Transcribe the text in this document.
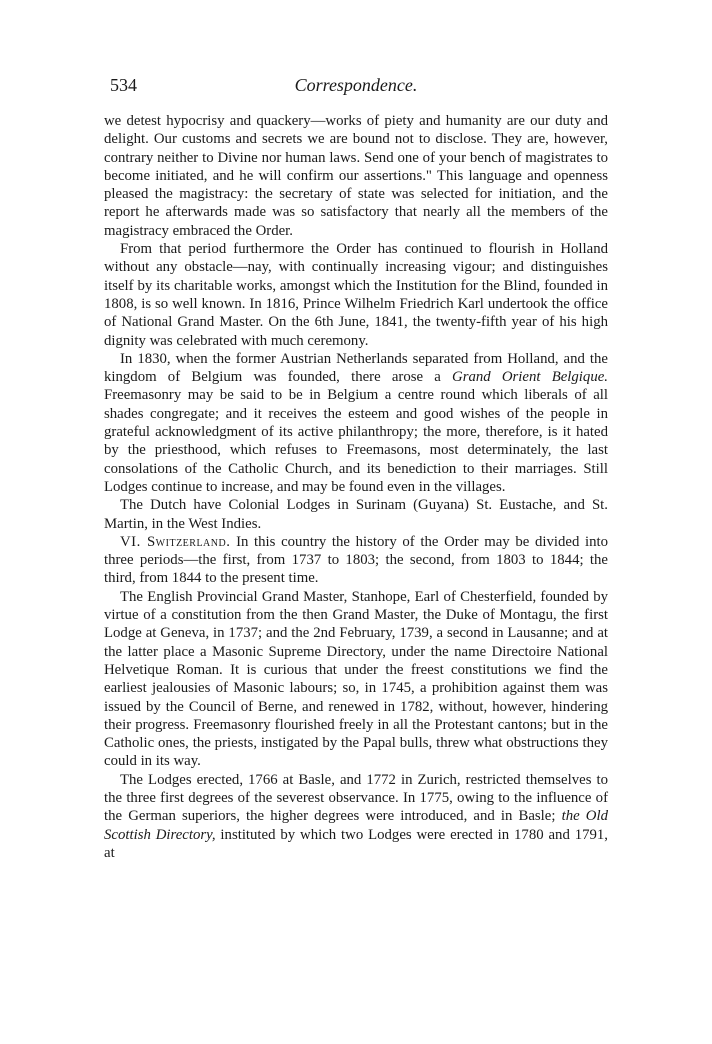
534	Correspondence.

we detest hypocrisy and quackery—works of piety and humanity are our duty and delight. Our customs and secrets we are bound not to disclose. They are, however, contrary neither to Divine nor human laws. Send one of your bench of magistrates to become initiated, and he will confirm our assertions." This language and openness pleased the magistracy: the secretary of state was selected for initiation, and the report he afterwards made was so satisfactory that nearly all the members of the magistracy embraced the Order.

From that period furthermore the Order has continued to flourish in Holland without any obstacle—nay, with continually increasing vigour; and distinguishes itself by its charitable works, amongst which the Institution for the Blind, founded in 1808, is so well known. In 1816, Prince Wilhelm Friedrich Karl undertook the office of National Grand Master. On the 6th June, 1841, the twenty-fifth year of his high dignity was celebrated with much ceremony.

In 1830, when the former Austrian Netherlands separated from Holland, and the kingdom of Belgium was founded, there arose a Grand Orient Belgique. Freemasonry may be said to be in Belgium a centre round which liberals of all shades congregate; and it receives the esteem and good wishes of the people in grateful acknowledgment of its active philanthropy; the more, therefore, is it hated by the priesthood, which refuses to Freemasons, most determinately, the last consolations of the Catholic Church, and its benediction to their marriages. Still Lodges continue to increase, and may be found even in the villages.

The Dutch have Colonial Lodges in Surinam (Guyana) St. Eustache, and St. Martin, in the West Indies.

VI. Switzerland. In this country the history of the Order may be divided into three periods—the first, from 1737 to 1803; the second, from 1803 to 1844; the third, from 1844 to the present time.

The English Provincial Grand Master, Stanhope, Earl of Chesterfield, founded by virtue of a constitution from the then Grand Master, the Duke of Montagu, the first Lodge at Geneva, in 1737; and the 2nd February, 1739, a second in Lausanne; and at the latter place a Masonic Supreme Directory, under the name Directoire National Helvetique Roman. It is curious that under the freest constitutions we find the earliest jealousies of Masonic labours; so, in 1745, a prohibition against them was issued by the Council of Berne, and renewed in 1782, without, however, hindering their progress. Freemasonry flourished freely in all the Protestant cantons; but in the Catholic ones, the priests, instigated by the Papal bulls, threw what obstructions they could in its way.

The Lodges erected, 1766 at Basle, and 1772 in Zurich, restricted themselves to the three first degrees of the severest observance. In 1775, owing to the influence of the German superiors, the higher degrees were introduced, and in Basle; the Old Scottish Directory, instituted by which two Lodges were erected in 1780 and 1791, at
